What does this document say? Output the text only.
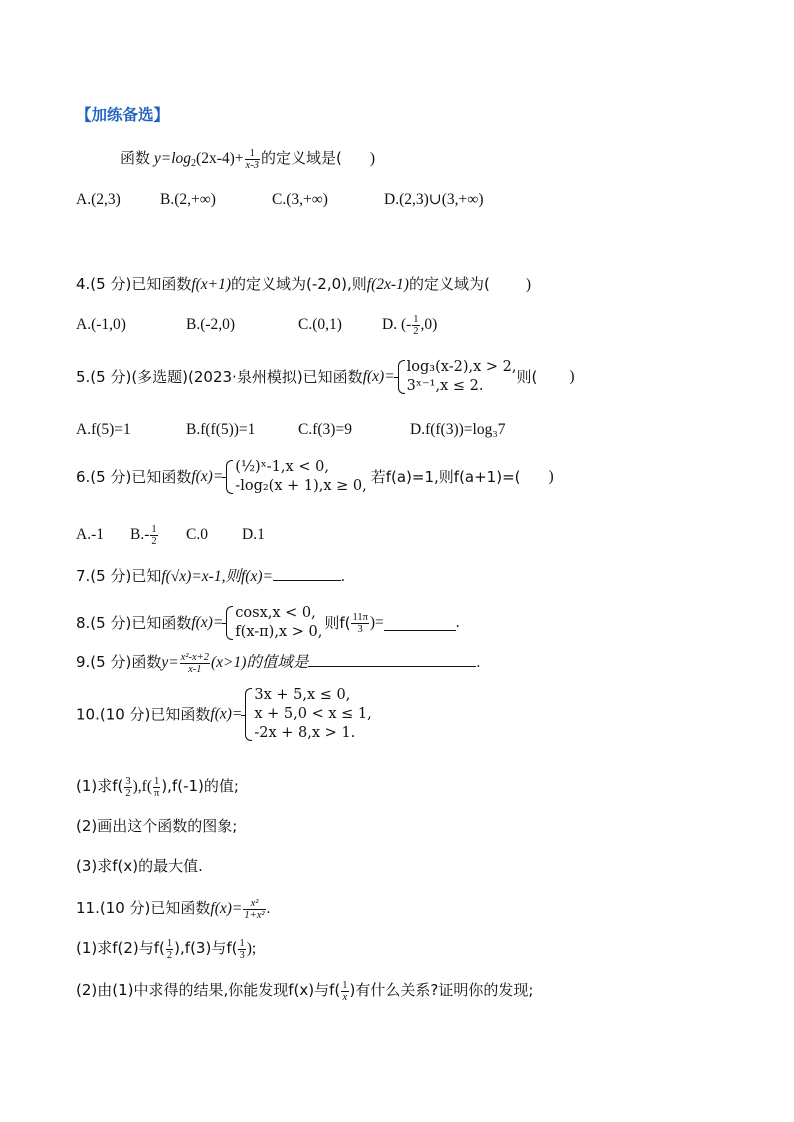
【加练备选】
函数 $y=\log_2(2x-4)+ \frac{1}{x-3}$ 的定义域是( )
A.(2,3)	B.(2,+∞)	C.(3,+∞)	D.(2,3)∪(3,+∞)
4.(5 分)已知函数f(x+1)的定义域为(-2,0),则f(2x-1)的定义域为( )
A.(-1,0)	B.(-2,0)	C.(0,1)	D. (- $\frac{1}{2} ,0$)
5.(5 分)(多选题)(2023·泉州模拟)已知函数f(x)=
log₃(x-2),x > 2,
3ˣ⁻¹,x ≤ 2.	则( )
A.f(5)=1	B.f(f(5))=1	C.f(3)=9	D.f(f(3))=log₃7
6.(5 分)已知函数f(x)=
(½)ˣ-1,x < 0,
-log₂(x + 1),x ≥ 0, 若f(a)=1,则f(a+1)=( )
A.-1 $B.- \frac{1}{2} C.0$ D.1
7.(5 分)已知f(√x)=x-1,则f(x)=	.
8.(5 分)已知函数f(x)=
cosx,x < 0,
f(x-π),x > 0, 则$f( \frac{11\pi}{3}$ )=	.
9.(5 分)函数$y= \frac{\text{x²-x+2}}{x-1} (x>1)$的值域是	.
10.(10 分)已知函数f(x)=
3x + 5,x ≤ 0,
x + 5,0 < x ≤ 1,
-2x + 8,x > 1.
(1)求$f( \frac{3}{2} ),f( \frac{1}{\pi} ),f(-1)$的值;
(2)画出这个函数的图象;
(3)求f(x)的最大值.
11.(10 分)已知函数$f(x)= \frac{\text{x²}}{\text{1+x²}}$ .
(1)求f(2)与$f( \frac{1}{2} ),f(3)$与$f( \frac{1}{3}$ );
(2)由(1)中求得的结果,你能发现f(x)与$f( \frac{1}{x}$ )有什么关系?证明你的发现;
